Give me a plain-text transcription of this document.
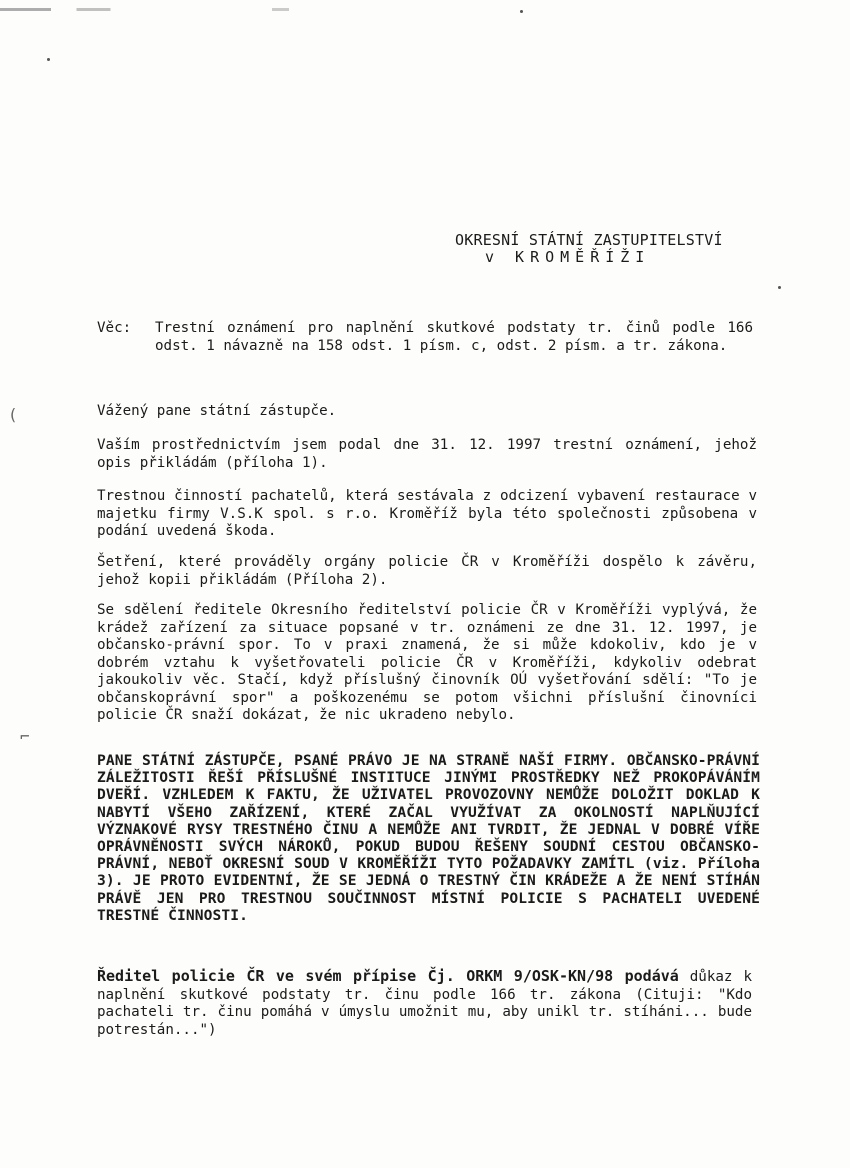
(
⌐
OKRESNÍ STÁTNÍ ZASTUPITELSTVÍ
v KROMĚŘÍŽI
Věc: Trestní oznámení pro naplnění skutkové podstaty tr. činů podle 166 odst. 1 návazně na 158 odst. 1 písm. c, odst. 2 písm. a tr. zákona.
Vážený pane státní zástupče.
Vaším prostřednictvím jsem podal dne 31. 12. 1997 trestní oznámení, jehož opis přikládám (příloha 1).
Trestnou činností pachatelů, která sestávala z odcizení vybavení restaurace v majetku firmy V.S.K spol. s r.o. Kroměříž byla této společnosti způsobena v podání uvedená škoda.
Šetření, které prováděly orgány policie ČR v Kroměříži dospělo k závěru, jehož kopii přikládám (Příloha 2).
Se sdělení ředitele Okresního ředitelství policie ČR v Kroměříži vyplývá, že krádež zařízení za situace popsané v tr. oznámeni ze dne 31. 12. 1997, je občansko-právní spor. To v praxi znamená, že si může kdokoliv, kdo je v dobrém vztahu k vyšetřovateli policie ČR v Kroměříži, kdykoliv odebrat jakoukoliv věc. Stačí, když příslušný činovník OÚ vyšetřování sdělí: "To je občanskoprávní spor" a poškozenému se potom všichni příslušní činovníci policie ČR snaží dokázat, že nic ukradeno nebylo.
PANE STÁTNÍ ZÁSTUPČE, PSANÉ PRÁVO JE NA STRANĚ NAŠÍ FIRMY. OBČANSKO-PRÁVNÍ ZÁLEŽITOSTI ŘEŠÍ PŘÍSLUŠNÉ INSTITUCE JINÝMI PROSTŘEDKY NEŽ PROKOPÁVÁNÍM DVEŘÍ. VZHLEDEM K FAKTU, ŽE UŽIVATEL PROVOZOVNY NEMŮŽE DOLOŽIT DOKLAD K NABYTÍ VŠEHO ZAŘÍZENÍ, KTERÉ ZAČAL VYUŽÍVAT ZA OKOLNOSTÍ NAPLŇUJÍCÍ VÝZNAKOVÉ RYSY TRESTNÉHO ČINU A NEMŮŽE ANI TVRDIT, ŽE JEDNAL V DOBRÉ VÍŘE OPRÁVNĚNOSTI SVÝCH NÁROKŮ, POKUD BUDOU ŘEŠENY SOUDNÍ CESTOU OBČANSKO-PRÁVNÍ, NEBOŤ OKRESNÍ SOUD V KROMĚŘÍŽI TYTO POŽADAVKY ZAMÍTL (viz. Příloha 3). JE PROTO EVIDENTNÍ, ŽE SE JEDNÁ O TRESTNÝ ČIN KRÁDEŽE A ŽE NENÍ STÍHÁN PRÁVĚ JEN PRO TRESTNOU SOUČINNOST MÍSTNÍ POLICIE S PACHATELI UVEDENÉ TRESTNÉ ČINNOSTI.
Ředitel policie ČR ve svém přípise Čj. ORKM 9/OSK-KN/98 podává důkaz k naplnění skutkové podstaty tr. činu podle 166 tr. zákona (Cituji: "Kdo pachateli tr. činu pomáhá v úmyslu umožnit mu, aby unikl tr. stíháni... bude potrestán...")
